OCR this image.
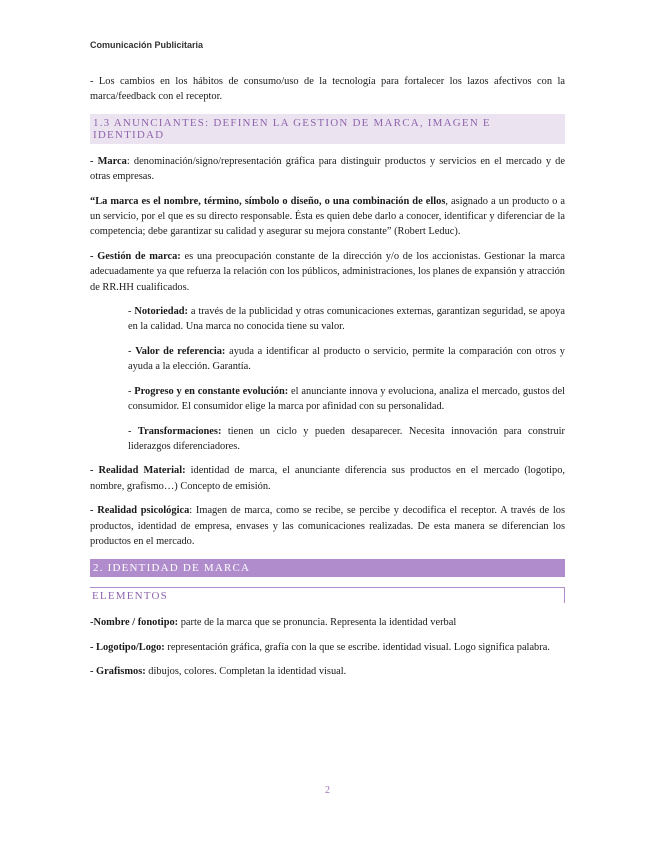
Comunicación Publicitaria

- Los cambios en los hábitos de consumo/uso de la tecnología para fortalecer los lazos afectivos con la marca/feedback con el receptor.

1.3 ANUNCIANTES: DEFINEN LA GESTION DE MARCA, IMAGEN E IDENTIDAD

- Marca: denominación/signo/representación gráfica para distinguir productos y servicios en el mercado y de otras empresas.

“La marca es el nombre, término, símbolo o diseño, o una combinación de ellos, asignado a un producto o a un servicio, por el que es su directo responsable. Ésta es quien debe darlo a conocer, identificar y diferenciar de la competencia; debe garantizar su calidad y asegurar su mejora constante” (Robert Leduc).

- Gestión de marca: es una preocupación constante de la dirección y/o de los accionistas. Gestionar la marca adecuadamente ya que refuerza la relación con los públicos, administraciones, los planes de expansión y atracción de RR.HH cualificados.

- Notoriedad: a través de la publicidad y otras comunicaciones externas, garantizan seguridad, se apoya en la calidad. Una marca no conocida tiene su valor.

- Valor de referencia: ayuda a identificar al producto o servicio, permite la comparación con otros y ayuda a la elección. Garantía.

- Progreso y en constante evolución: el anunciante innova y evoluciona, analiza el mercado, gustos del consumidor. El consumidor elige la marca por afinidad con su personalidad.

- Transformaciones: tienen un ciclo y pueden desaparecer. Necesita innovación para construir liderazgos diferenciadores.

- Realidad Material: identidad de marca, el anunciante diferencia sus productos en el mercado (logotipo, nombre, grafismo…) Concepto de emisión.

- Realidad psicológica: Imagen de marca, como se recibe, se percibe y decodifica el receptor. A través de los productos, identidad de empresa, envases y las comunicaciones realizadas. De esta manera se diferencian los productos en el mercado.

2. IDENTIDAD DE MARCA
ELEMENTOS

-Nombre / fonotipo: parte de la marca que se pronuncia. Representa la identidad verbal

- Logotipo/Logo: representación gráfica, grafía con la que se escribe. identidad visual. Logo significa palabra.

- Grafismos: dibujos, colores. Completan la identidad visual.

2
